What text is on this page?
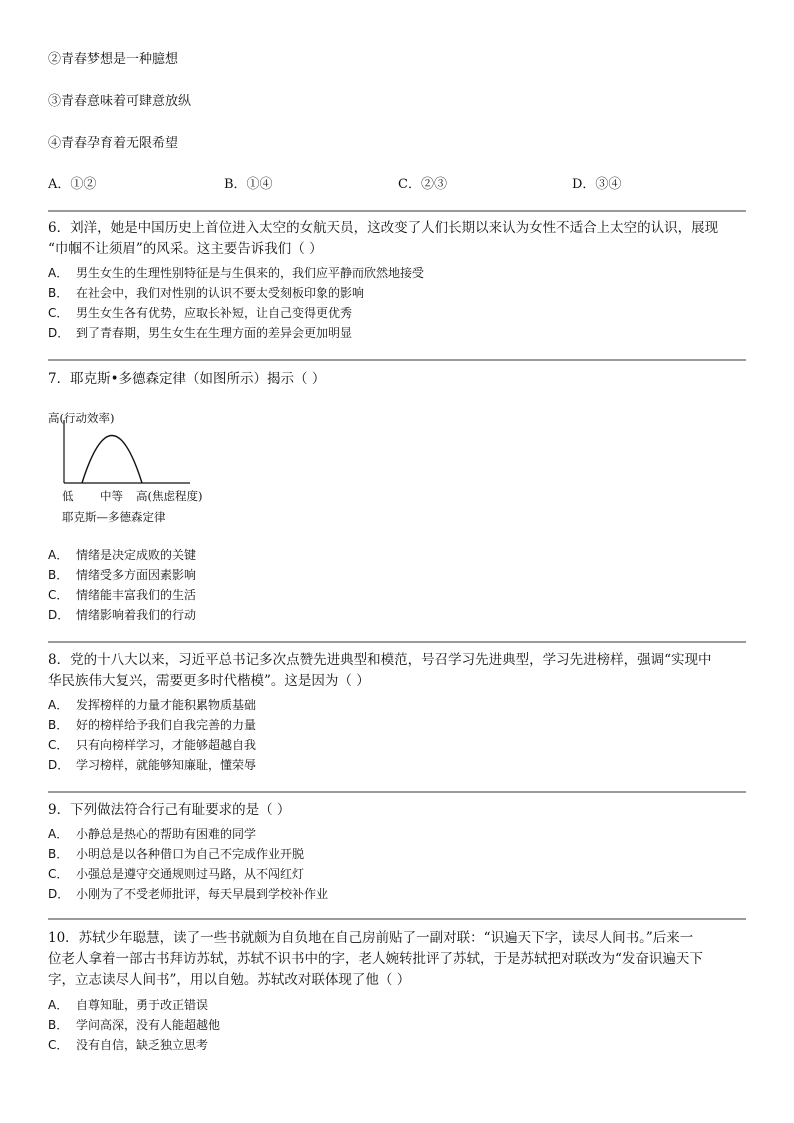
②青春梦想是一种臆想
③青春意味着可肆意放纵
④青春孕育着无限希望
A．①②	B．①④	C．②③	D．③④
6．刘洋，她是中国历史上首位进入太空的女航天员，这改变了人们长期以来认为女性不适合上太空的认识，展现
“巾帼不让须眉”的风采。这主要告诉我们（ ）
A． 男生女生的生理性别特征是与生俱来的，我们应平静而欣然地接受
B． 在社会中，我们对性别的认识不要太受刻板印象的影响
C． 男生女生各有优势，应取长补短，让自己变得更优秀
D． 到了青春期，男生女生在生理方面的差异会更加明显
7．耶克斯•多德森定律（如图所示）揭示（ ）
高(行动效率)
低 中等 高(焦虑程度)
耶克斯—多德森定律
A． 情绪是决定成败的关键
B． 情绪受多方面因素影响
C． 情绪能丰富我们的生活
D． 情绪影响着我们的行动
8．党的十八大以来，习近平总书记多次点赞先进典型和模范，号召学习先进典型，学习先进榜样，强调“实现中
华民族伟大复兴，需要更多时代楷模”。这是因为（ ）
A． 发挥榜样的力量才能积累物质基础
B． 好的榜样给予我们自我完善的力量
C． 只有向榜样学习，才能够超越自我
D． 学习榜样，就能够知廉耻，懂荣辱
9．下列做法符合行己有耻要求的是（ ）
A． 小静总是热心的帮助有困难的同学
B． 小明总是以各种借口为自己不完成作业开脱
C． 小强总是遵守交通规则过马路，从不闯红灯
D． 小刚为了不受老师批评，每天早晨到学校补作业
10．苏轼少年聪慧，读了一些书就颇为自负地在自己房前贴了一副对联：“识遍天下字，读尽人间书。”后来一
位老人拿着一部古书拜访苏轼，苏轼不识书中的字，老人婉转批评了苏轼，于是苏轼把对联改为“发奋识遍天下
字，立志读尽人间书”，用以自勉。苏轼改对联体现了他（ ）
A． 自尊知耻，勇于改正错误
B． 学问高深，没有人能超越他
C． 没有自信，缺乏独立思考
